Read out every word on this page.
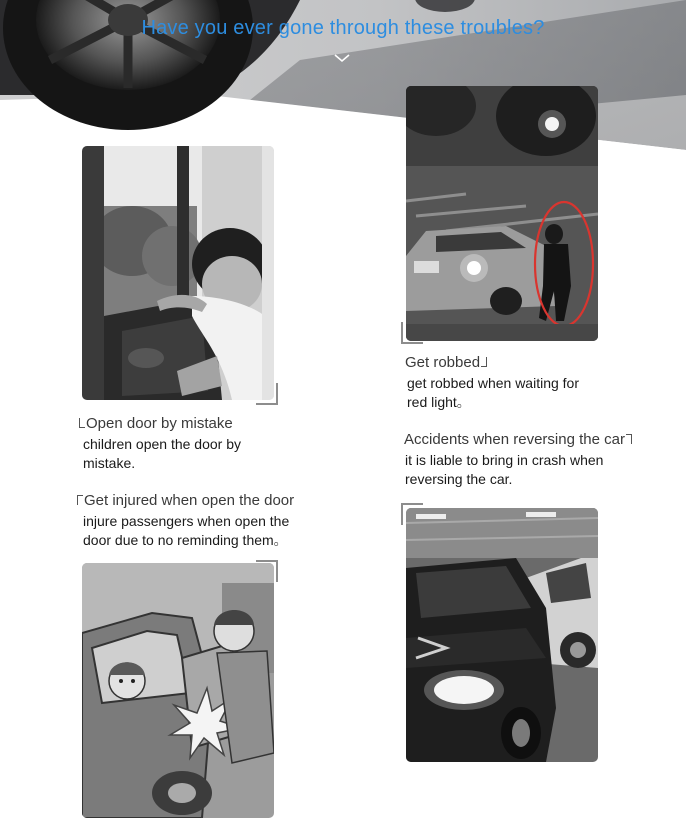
Have you ever gone through these troubles?
Open door by mistake
children open the door by
mistake.
Get injured when open the door
injure passengers when open the
door due to no reminding them。
Get robbed
get robbed when waiting for
red light。
Accidents when reversing the car
it is liable to bring in crash when
reversing the car.
